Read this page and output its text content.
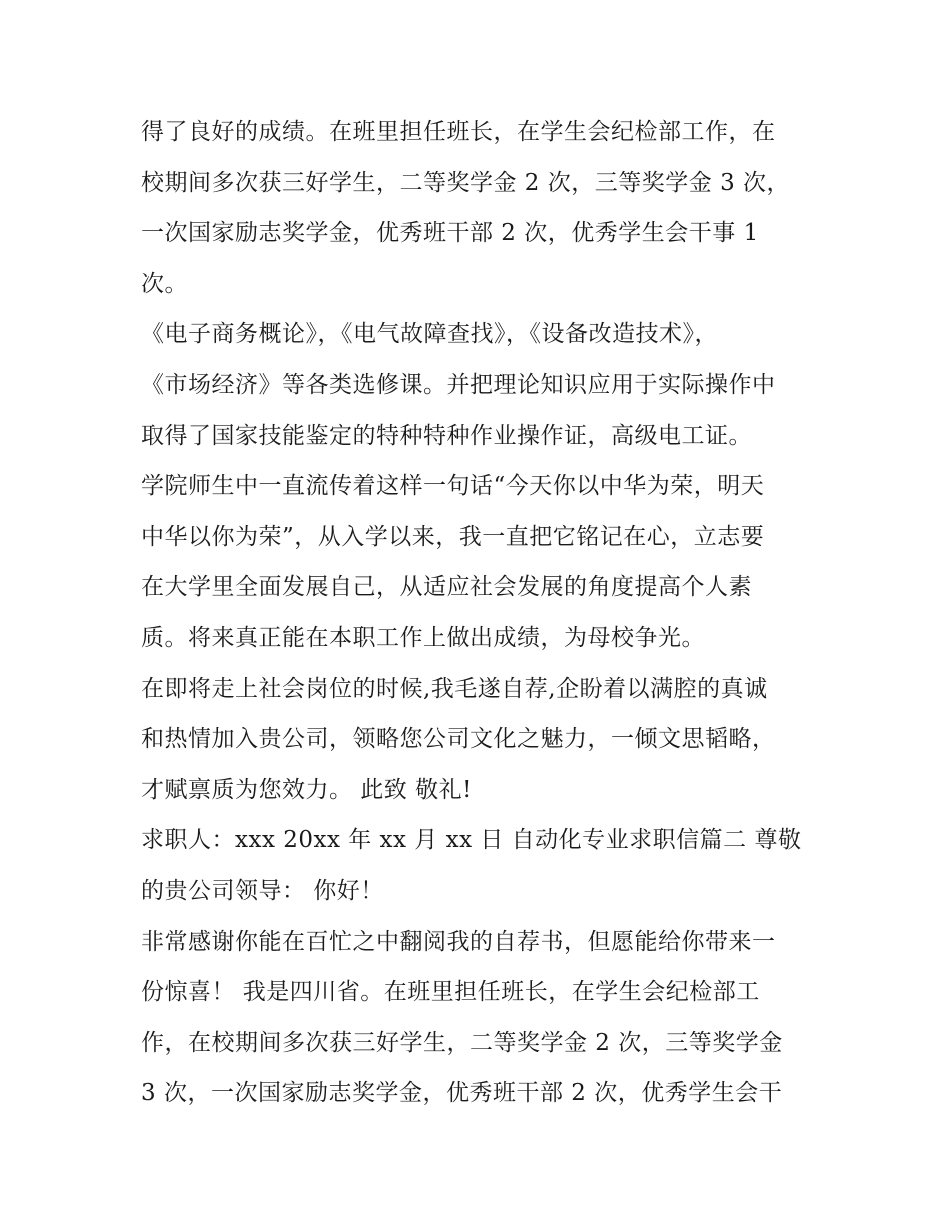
得了良好的成绩。在班里担任班长，在学生会纪检部工作，在
校期间多次获三好学生，二等奖学金 2 次，三等奖学金 3 次，
一次国家励志奖学金，优秀班干部 2 次，优秀学生会干事 1
次。
《电子商务概论》，《电气故障查找》，《设备改造技术》，
《市场经济》等各类选修课。并把理论知识应用于实际操作中
取得了国家技能鉴定的特种特种作业操作证，高级电工证。
学院师生中一直流传着这样一句话“今天你以中华为荣，明天
中华以你为荣”，从入学以来，我一直把它铭记在心，立志要
在大学里全面发展自己，从适应社会发展的角度提高个人素
质。将来真正能在本职工作上做出成绩，为母校争光。
在即将走上社会岗位的时候,我毛遂自荐,企盼着以满腔的真诚
和热情加入贵公司，领略您公司文化之魅力，一倾文思韬略，
才赋禀质为您效力。 此致 敬礼!
求职人：xxx 20xx 年 xx 月 xx 日 自动化专业求职信篇二 尊敬
的贵公司领导： 你好！
非常感谢你能在百忙之中翻阅我的自荐书，但愿能给你带来一
份惊喜！ 我是四川省。在班里担任班长，在学生会纪检部工
作，在校期间多次获三好学生，二等奖学金 2 次，三等奖学金
3 次，一次国家励志奖学金，优秀班干部 2 次，优秀学生会干
